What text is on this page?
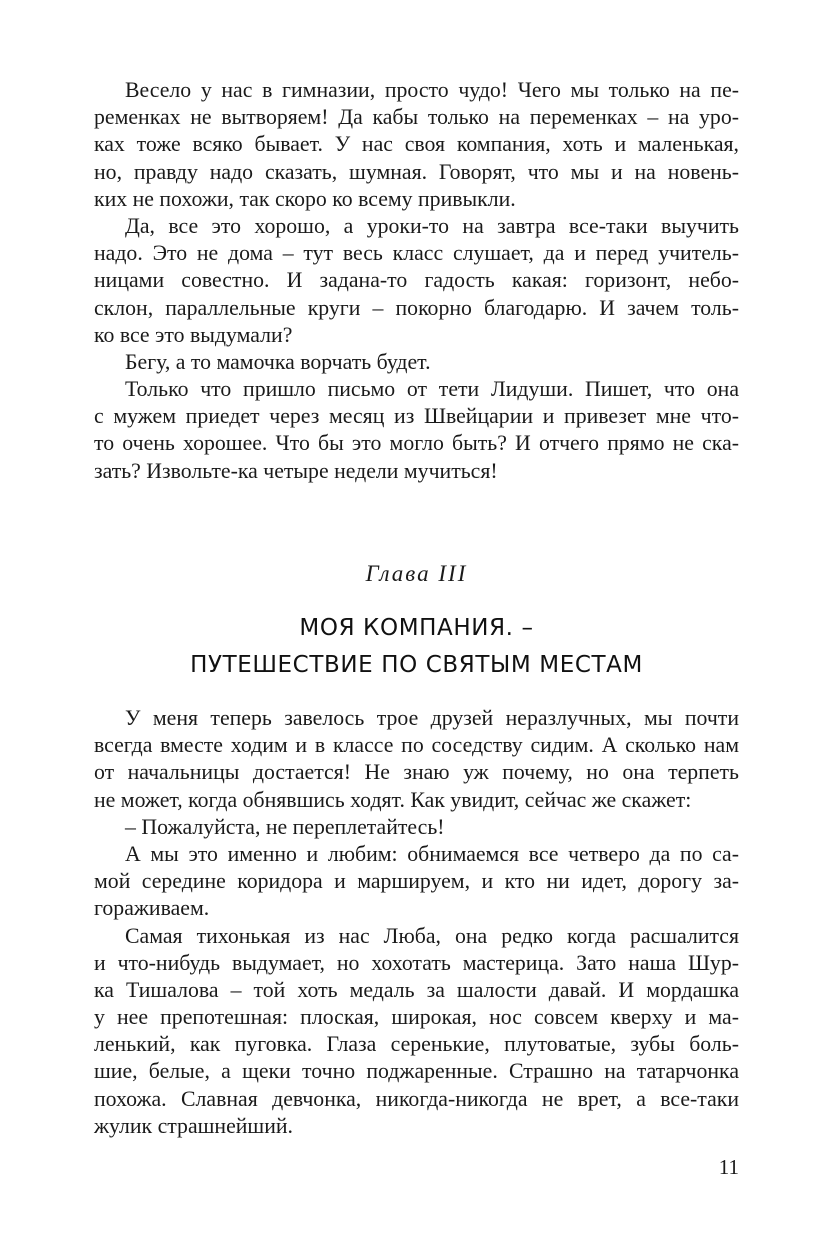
Весело у нас в гимназии, просто чудо! Чего мы только на пе-
ременках не вытворяем! Да кабы только на переменках – на уро-
ках тоже всяко бывает. У нас своя компания, хоть и маленькая,
но, правду надо сказать, шумная. Говорят, что мы и на новень-
ких не похожи, так скоро ко всему привыкли.
Да, все это хорошо, а уроки-то на завтра все-таки выучить
надо. Это не дома – тут весь класс слушает, да и перед учитель-
ницами совестно. И задана-то гадость какая: горизонт, небо-
склон, параллельные круги – покорно благодарю. И зачем толь-
ко все это выдумали?
Бегу, а то мамочка ворчать будет.
Только что пришло письмо от тети Лидуши. Пишет, что она
с мужем приедет через месяц из Швейцарии и привезет мне что-
то очень хорошее. Что бы это могло быть? И отчего прямо не ска-
зать? Извольте-ка четыре недели мучиться!
Глава III
МОЯ КОМПАНИЯ. –
ПУТЕШЕСТВИЕ ПО СВЯТЫМ МЕСТАМ
У меня теперь завелось трое друзей неразлучных, мы почти
всегда вместе ходим и в классе по соседству сидим. А сколько нам
от начальницы достается! Не знаю уж почему, но она терпеть
не может, когда обнявшись ходят. Как увидит, сейчас же скажет:
– Пожалуйста, не переплетайтесь!
А мы это именно и любим: обнимаемся все четверо да по са-
мой середине коридора и маршируем, и кто ни идет, дорогу за-
гораживаем.
Самая тихонькая из нас Люба, она редко когда расшалится
и что-нибудь выдумает, но хохотать мастерица. Зато наша Шур-
ка Тишалова – той хоть медаль за шалости давай. И мордашка
у нее препотешная: плоская, широкая, нос совсем кверху и ма-
ленький, как пуговка. Глаза серенькие, плутоватые, зубы боль-
шие, белые, а щеки точно поджаренные. Страшно на татарчонка
похожа. Славная девчонка, никогда-никогда не врет, а все-таки
жулик страшнейший.
11
